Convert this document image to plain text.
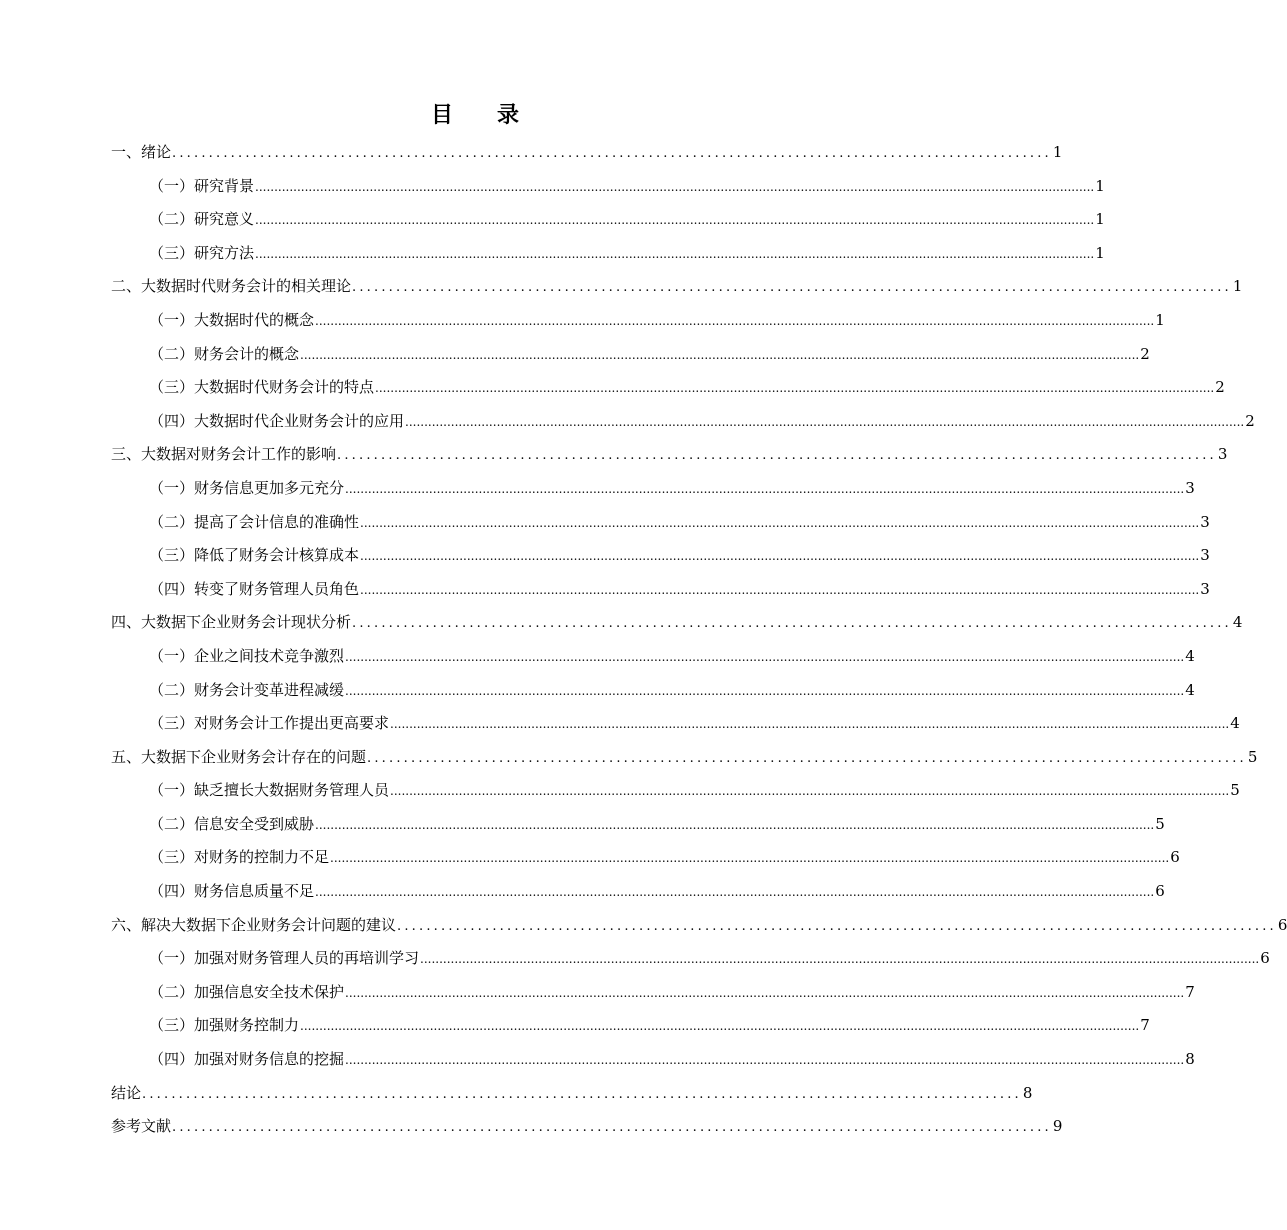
目 录
一、绪论 ........................................................................................................................ 1
（一）研究背景 ............................................................................................................................................................................................................................ 1
（二）研究意义 ............................................................................................................................................................................................................................ 1
（三）研究方法 ............................................................................................................................................................................................................................ 1
二、大数据时代财务会计的相关理论 ........................................................................................................................ 1
（一）大数据时代的概念 ............................................................................................................................................................................................................................ 1
（二）财务会计的概念 ............................................................................................................................................................................................................................ 2
（三）大数据时代财务会计的特点 ............................................................................................................................................................................................................................ 2
（四）大数据时代企业财务会计的应用 ............................................................................................................................................................................................................................ 2
三、大数据对财务会计工作的影响 ........................................................................................................................ 3
（一）财务信息更加多元充分 ............................................................................................................................................................................................................................ 3
（二）提高了会计信息的准确性 ............................................................................................................................................................................................................................ 3
（三）降低了财务会计核算成本 ............................................................................................................................................................................................................................ 3
（四）转变了财务管理人员角色 ............................................................................................................................................................................................................................ 3
四、大数据下企业财务会计现状分析 ........................................................................................................................ 4
（一）企业之间技术竞争激烈 ............................................................................................................................................................................................................................ 4
（二）财务会计变革进程减缓 ............................................................................................................................................................................................................................ 4
（三）对财务会计工作提出更高要求 ............................................................................................................................................................................................................................ 4
五、大数据下企业财务会计存在的问题 ........................................................................................................................ 5
（一）缺乏擅长大数据财务管理人员 ............................................................................................................................................................................................................................ 5
（二）信息安全受到威胁 ............................................................................................................................................................................................................................ 5
（三）对财务的控制力不足 ............................................................................................................................................................................................................................ 6
（四）财务信息质量不足 ............................................................................................................................................................................................................................ 6
六、解决大数据下企业财务会计问题的建议 ........................................................................................................................ 6
（一）加强对财务管理人员的再培训学习 ............................................................................................................................................................................................................................ 6
（二）加强信息安全技术保护 ............................................................................................................................................................................................................................ 7
（三）加强财务控制力 ............................................................................................................................................................................................................................ 7
（四）加强对财务信息的挖掘 ............................................................................................................................................................................................................................ 8
结论 ........................................................................................................................ 8
参考文献 ........................................................................................................................ 9
